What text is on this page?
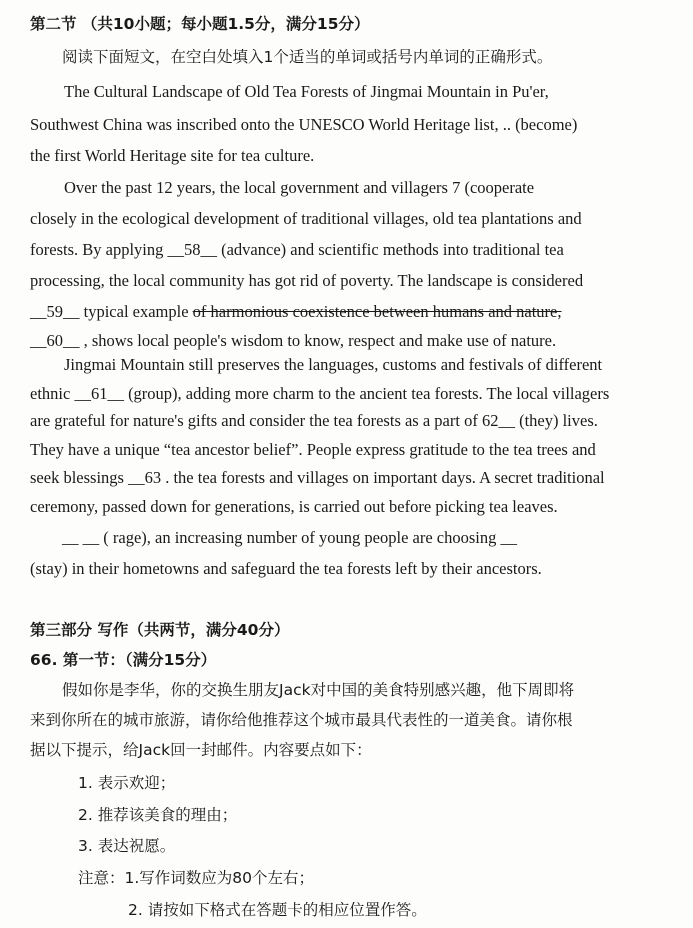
第二节 （共10小题；每小题1.5分，满分15分）
阅读下面短文，在空白处填入1个适当的单词或括号内单词的正确形式。
The Cultural Landscape of Old Tea Forests of Jingmai Mountain in Pu'er,
Southwest China was inscribed onto the UNESCO World Heritage list, .. (become)
the first World Heritage site for tea culture.
Over the past 12 years, the local government and villagers 7 (cooperate
closely in the ecological development of traditional villages, old tea plantations and
forests. By applying __58__ (advance) and scientific methods into traditional tea
processing, the local community has got rid of poverty. The landscape is considered
__59__ typical example of harmonious coexistence between humans and nature,
__60__ , shows local people's wisdom to know, respect and make use of nature.
Jingmai Mountain still preserves the languages, customs and festivals of different
ethnic __61__ (group), adding more charm to the ancient tea forests. The local villagers
are grateful for nature's gifts and consider the tea forests as a part of 62__ (they) lives.
They have a unique “tea ancestor belief”. People express gratitude to the tea trees and
seek blessings __63 . the tea forests and villages on important days. A secret traditional
ceremony, passed down for generations, is carried out before picking tea leaves.
__ __ ( rage), an increasing number of young people are choosing __
(stay) in their hometowns and safeguard the tea forests left by their ancestors.
第三部分 写作（共两节，满分40分）
66. 第一节：（满分15分）
假如你是李华，你的交换生朋友Jack对中国的美食特别感兴趣，他下周即将
来到你所在的城市旅游，请你给他推荐这个城市最具代表性的一道美食。请你根
据以下提示，给Jack回一封邮件。内容要点如下：
1. 表示欢迎；
2. 推荐该美食的理由；
3. 表达祝愿。
注意：1.写作词数应为80个左右；
2. 请按如下格式在答题卡的相应位置作答。
